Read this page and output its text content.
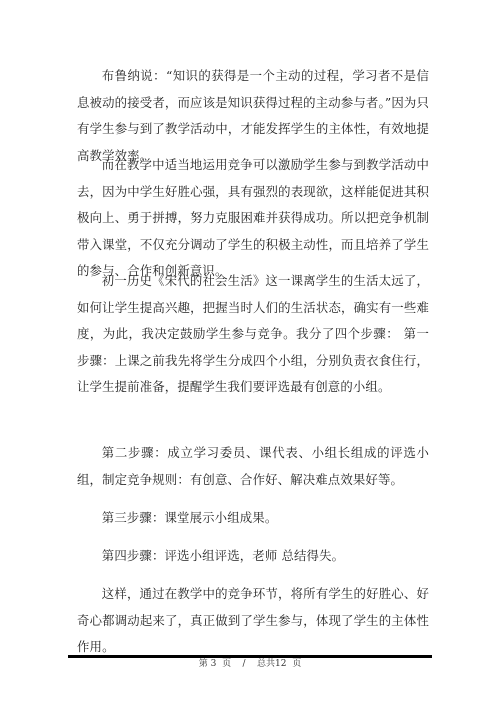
布鲁纳说：“知识的获得是一个主动的过程，学习者不是信息被动的接受者，而应该是知识获得过程的主动参与者。”因为只有学生参与到了教学活动中，才能发挥学生的主体性，有效地提高教学效率。

而在教学中适当地运用竞争可以激励学生参与到教学活动中去，因为中学生好胜心强，具有强烈的表现欲，这样能促进其积极向上、勇于拼搏，努力克服困难并获得成功。所以把竞争机制带入课堂，不仅充分调动了学生的积极主动性，而且培养了学生的参与、合作和创新意识。

初一历史《宋代的社会生活》这一课离学生的生活太远了，如何让学生提高兴趣，把握当时人们的生活状态，确实有一些难度，为此，我决定鼓励学生参与竞争。我分了四个步骤： 第一步骤：上课之前我先将学生分成四个小组，分别负责衣食住行，让学生提前准备，提醒学生我们要评选最有创意的小组。

第二步骤：成立学习委员、课代表、小组长组成的评选小组，制定竞争规则：有创意、合作好、解决难点效果好等。

第三步骤：课堂展示小组成果。

第四步骤：评选小组评选，老师 总结得失。

这样，通过在教学中的竞争环节，将所有学生的好胜心、好奇心都调动起来了，真正做到了学生参与，体现了学生的主体性作用。

第 3  页 / 总共12  页
